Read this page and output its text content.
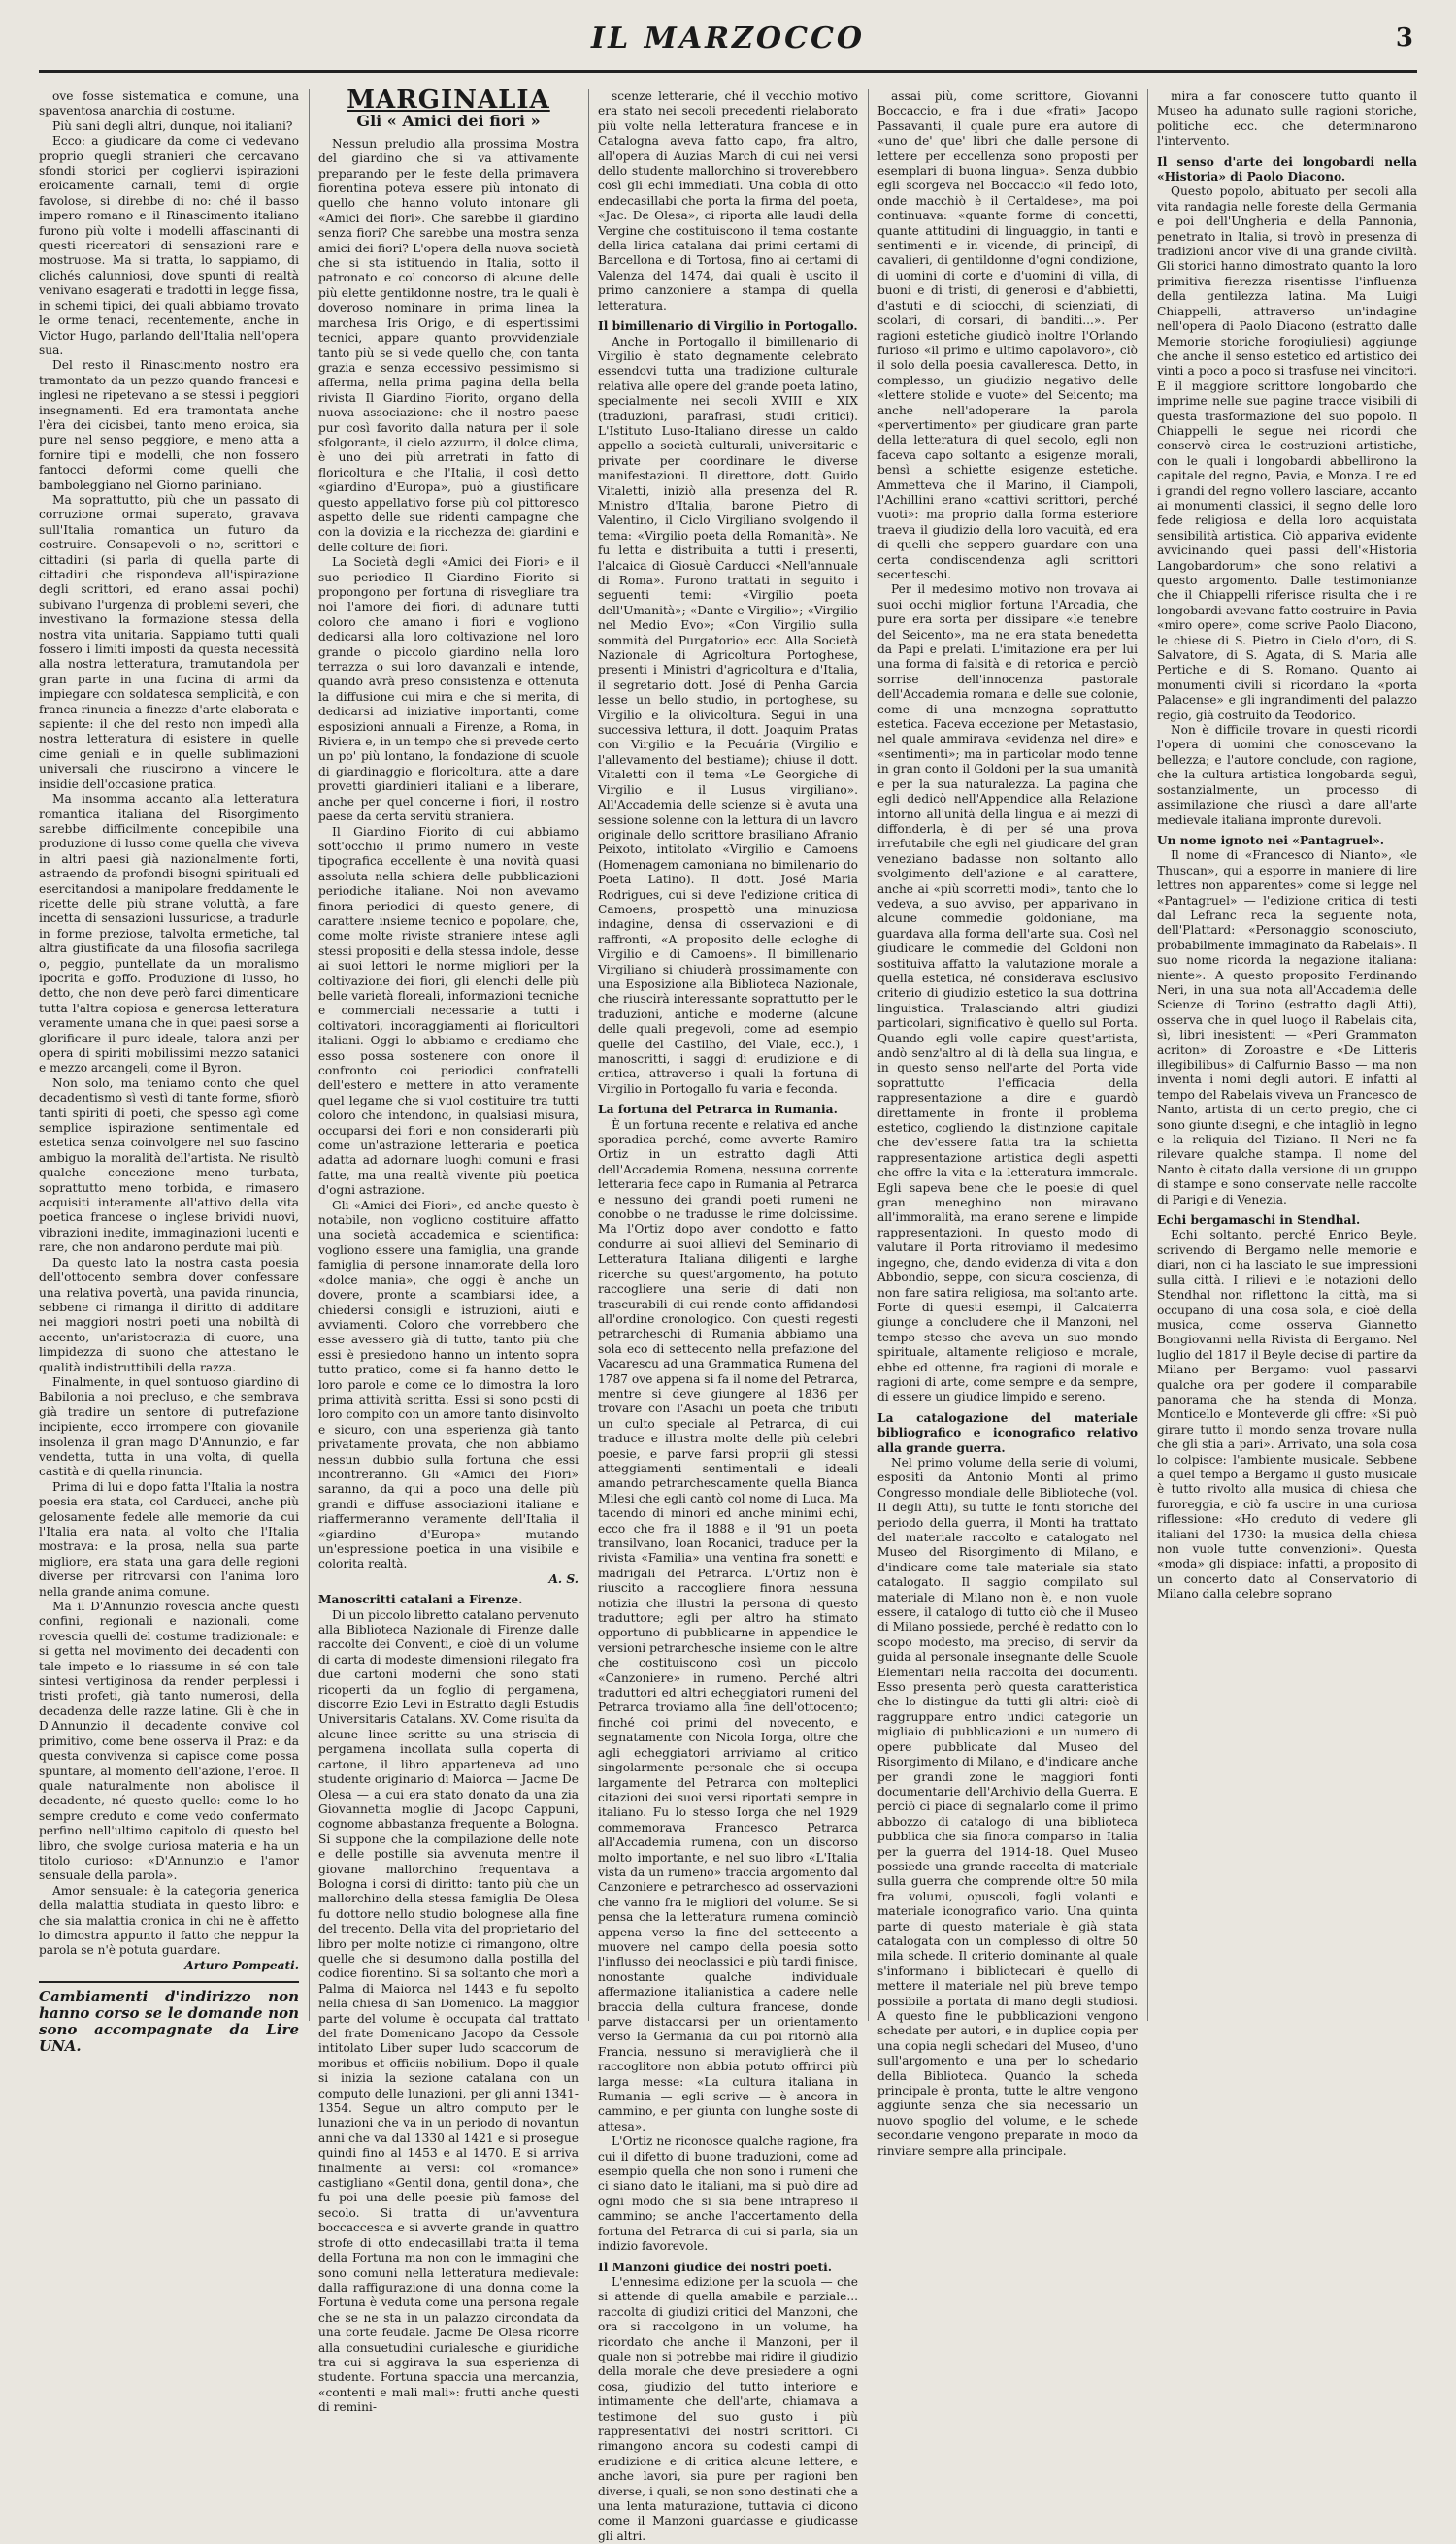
IL MARZOCCO	3

ove fosse sistematica e comune, una spaventosa anarchia di costume.

Più sani degli altri, dunque, noi italiani?

Ecco: a giudicare da come ci vedevano proprio quegli stranieri che cercavano sfondi storici per cogliervi ispirazioni eroicamente carnali, temi di orgie favolose, si direbbe di no: ché il basso impero romano e il Rinascimento italiano furono più volte i modelli affascinanti di questi ricercatori di sensazioni rare e mostruose. Ma si tratta, lo sappiamo, di clichés calunniosi, dove spunti di realtà venivano esagerati e tradotti in legge fissa, in schemi tipici, dei quali abbiamo trovato le orme tenaci, recentemente, anche in Victor Hugo, parlando dell'Italia nell'opera sua.

Del resto il Rinascimento nostro era tramontato da un pezzo quando francesi e inglesi ne ripetevano a se stessi i peggiori insegnamenti. Ed era tramontata anche l'èra dei cicisbei, tanto meno eroica, sia pure nel senso peggiore, e meno atta a fornire tipi e modelli, che non fossero fantocci deformi come quelli che bamboleggiano nel Giorno pariniano.

Ma soprattutto, più che un passato di corruzione ormai superato, gravava sull'Italia romantica un futuro da costruire. Consapevoli o no, scrittori e cittadini (si parla di quella parte di cittadini che rispondeva all'ispirazione degli scrittori, ed erano assai pochi) subivano l'urgenza di problemi severi, che investivano la formazione stessa della nostra vita unitaria. Sappiamo tutti quali fossero i limiti imposti da questa necessità alla nostra letteratura, tramutandola per gran parte in una fucina di armi da impiegare con soldatesca semplicità, e con franca rinuncia a finezze d'arte elaborata e sapiente: il che del resto non impedì alla nostra letteratura di esistere in quelle cime geniali e in quelle sublimazioni universali che riuscirono a vincere le insidie dell'occasione pratica.

Ma insomma accanto alla letteratura romantica italiana del Risorgimento sarebbe difficilmente concepibile una produzione di lusso come quella che viveva in altri paesi già nazionalmente forti, astraendo da profondi bisogni spirituali ed esercitandosi a manipolare freddamente le ricette delle più strane voluttà, a fare incetta di sensazioni lussuriose, a tradurle in forme preziose, talvolta ermetiche, tal altra giustificate da una filosofia sacrilega o, peggio, puntellate da un moralismo ipocrita e goffo. Produzione di lusso, ho detto, che non deve però farci dimenticare tutta l'altra copiosa e generosa letteratura veramente umana che in quei paesi sorse a glorificare il puro ideale, talora anzi per opera di spiriti mobilissimi mezzo satanici e mezzo arcangeli, come il Byron.

Non solo, ma teniamo conto che quel decadentismo sì vestì di tante forme, sfiorò tanti spiriti di poeti, che spesso agì come semplice ispirazione sentimentale ed estetica senza coinvolgere nel suo fascino ambiguo la moralità dell'artista. Ne risultò qualche concezione meno turbata, soprattutto meno torbida, e rimasero acquisiti interamente all'attivo della vita poetica francese o inglese brividi nuovi, vibrazioni inedite, immaginazioni lucenti e rare, che non andarono perdute mai più.

Da questo lato la nostra casta poesia dell'ottocento sembra dover confessare una relativa povertà, una pavida rinuncia, sebbene ci rimanga il diritto di additare nei maggiori nostri poeti una nobiltà di accento, un'aristocrazia di cuore, una limpidezza di suono che attestano le qualità indistruttibili della razza.

Finalmente, in quel sontuoso giardino di Babilonia a noi precluso, e che sembrava già tradire un sentore di putrefazione incipiente, ecco irrompere con giovanile insolenza il gran mago D'Annunzio, e far vendetta, tutta in una volta, di quella castità e di quella rinuncia.

Prima di lui e dopo fatta l'Italia la nostra poesia era stata, col Carducci, anche più gelosamente fedele alle memorie da cui l'Italia era nata, al volto che l'Italia mostrava: e la prosa, nella sua parte migliore, era stata una gara delle regioni diverse per ritrovarsi con l'anima loro nella grande anima comune.

Ma il D'Annunzio rovescia anche questi confini, regionali e nazionali, come rovescia quelli del costume tradizionale: e si getta nel movimento dei decadenti con tale impeto e lo riassume in sé con tale sintesi vertiginosa da render perplessi i tristi profeti, già tanto numerosi, della decadenza delle razze latine. Gli è che in D'Annunzio il decadente convive col primitivo, come bene osserva il Praz: e da questa convivenza si capisce come possa spuntare, al momento dell'azione, l'eroe. Il quale naturalmente non abolisce il decadente, né questo quello: come lo ho sempre creduto e come vedo confermato perfino nell'ultimo capitolo di questo bel libro, che svolge curiosa materia e ha un titolo curioso: «D'Annunzio e l'amor sensuale della parola».

Amor sensuale: è la categoria generica della malattia studiata in questo libro: e che sia malattia cronica in chi ne è affetto lo dimostra appunto il fatto che neppur la parola se n'è potuta guardare.

Arturo Pompeati.

Cambiamenti d'indirizzo non hanno corso se le domande non sono accompagnate da Lire UNA.
MARGINALIA
Gli « Amici dei fiori »

Nessun preludio alla prossima Mostra del giardino che si va attivamente preparando per le feste della primavera fiorentina poteva essere più intonato di quello che hanno voluto intonare gli «Amici dei fiori». Che sarebbe il giardino senza fiori? Che sarebbe una mostra senza amici dei fiori? L'opera della nuova società che si sta istituendo in Italia, sotto il patronato e col concorso di alcune delle più elette gentildonne nostre, tra le quali è doveroso nominare in prima linea la marchesa Iris Origo, e di espertissimi tecnici, appare quanto provvidenziale tanto più se si vede quello che, con tanta grazia e senza eccessivo pessimismo si afferma, nella prima pagina della bella rivista Il Giardino Fiorito, organo della nuova associazione: che il nostro paese pur così favorito dalla natura per il sole sfolgorante, il cielo azzurro, il dolce clima, è uno dei più arretrati in fatto di floricoltura e che l'Italia, il così detto «giardino d'Europa», può a giustificare questo appellativo forse più col pittoresco aspetto delle sue ridenti campagne che con la dovizia e la ricchezza dei giardini e delle colture dei fiori.

La Società degli «Amici dei Fiori» e il suo periodico Il Giardino Fiorito si propongono per fortuna di risvegliare tra noi l'amore dei fiori, di adunare tutti coloro che amano i fiori e vogliono dedicarsi alla loro coltivazione nel loro grande o piccolo giardino nella loro terrazza o sui loro davanzali e intende, quando avrà preso consistenza e ottenuta la diffusione cui mira e che si merita, di dedicarsi ad iniziative importanti, come esposizioni annuali a Firenze, a Roma, in Riviera e, in un tempo che si prevede certo un po' più lontano, la fondazione di scuole di giardinaggio e floricoltura, atte a dare provetti giardinieri italiani e a liberare, anche per quel concerne i fiori, il nostro paese da certa servitù straniera.

Il Giardino Fiorito di cui abbiamo sott'occhio il primo numero in veste tipografica eccellente è una novità quasi assoluta nella schiera delle pubblicazioni periodiche italiane. Noi non avevamo finora periodici di questo genere, di carattere insieme tecnico e popolare, che, come molte riviste straniere intese agli stessi propositi e della stessa indole, desse ai suoi lettori le norme migliori per la coltivazione dei fiori, gli elenchi delle più belle varietà floreali, informazioni tecniche e commerciali necessarie a tutti i coltivatori, incoraggiamenti ai floricultori italiani. Oggi lo abbiamo e crediamo che esso possa sostenere con onore il confronto coi periodici confratelli dell'estero e mettere in atto veramente quel legame che si vuol costituire tra tutti coloro che intendono, in qualsiasi misura, occuparsi dei fiori e non considerarli più come un'astrazione letteraria e poetica adatta ad adornare luoghi comuni e frasi fatte, ma una realtà vivente più poetica d'ogni astrazione.

Gli «Amici dei Fiori», ed anche questo è notabile, non vogliono costituire affatto una società accademica e scientifica: vogliono essere una famiglia, una grande famiglia di persone innamorate della loro «dolce mania», che oggi è anche un dovere, pronte a scambiarsi idee, a chiedersi consigli e istruzioni, aiuti e avviamenti. Coloro che vorrebbero che esse avessero già di tutto, tanto più che essi è presiedono hanno un intento sopra tutto pratico, come si fa hanno detto le loro parole e come ce lo dimostra la loro prima attività scritta. Essi si sono posti di loro compito con un amore tanto disinvolto e sicuro, con una esperienza già tanto privatamente provata, che non abbiamo nessun dubbio sulla fortuna che essi incontreranno. Gli «Amici dei Fiori» saranno, da qui a poco una delle più grandi e diffuse associazioni italiane e riaffermeranno veramente dell'Italia il «giardino d'Europa» mutando un'espressione poetica in una visibile e colorita realtà.

A. S.

Manoscritti catalani a Firenze.

Di un piccolo libretto catalano pervenuto alla Biblioteca Nazionale di Firenze dalle raccolte dei Conventi, e cioè di un volume di carta di modeste dimensioni rilegato fra due cartoni moderni che sono stati ricoperti da un foglio di pergamena, discorre Ezio Levi in Estratto dagli Estudis Universitaris Catalans. XV. Come risulta da alcune linee scritte su una striscia di pergamena incollata sulla coperta di cartone, il libro apparteneva ad uno studente originario di Maiorca — Jacme De Olesa — a cui era stato donato da una zia Giovannetta moglie di Jacopo Cappuni, cognome abbastanza frequente a Bologna. Si suppone che la compilazione delle note e delle postille sia avvenuta mentre il giovane mallorchino frequentava a Bologna i corsi di diritto: tanto più che un mallorchino della stessa famiglia De Olesa fu dottore nello studio bolognese alla fine del trecento. Della vita del proprietario del libro per molte notizie ci rimangono, oltre quelle che si desumono dalla postilla del codice fiorentino. Si sa soltanto che morì a Palma di Maiorca nel 1443 e fu sepolto nella chiesa di San Domenico. La maggior parte del volume è occupata dal trattato del frate Domenicano Jacopo da Cessole intitolato Liber super ludo scaccorum de moribus et officiis nobilium. Dopo il quale si inizia la sezione catalana con un computo delle lunazioni, per gli anni 1341-1354. Segue un altro computo per le lunazioni che va in un periodo di novantun anni che va dal 1330 al 1421 e si prosegue quindi fino al 1453 e al 1470. E si arriva finalmente ai versi: col «romance» castigliano «Gentil dona, gentil dona», che fu poi una delle poesie più famose del secolo. Si tratta di un'avventura boccaccesca e si avverte grande in quattro strofe di otto endecasillabi tratta il tema della Fortuna ma non con le immagini che sono comuni nella letteratura medievale: dalla raffigurazione di una donna come la Fortuna è veduta come una persona regale che se ne sta in un palazzo circondata da una corte feudale. Jacme De Olesa ricorre alla consuetudini curialesche e giuridiche tra cui si aggirava la sua esperienza di studente. Fortuna spaccia una mercanzia, «contenti e mali mali»: frutti anche questi di remini-

scenze letterarie, ché il vecchio motivo era stato nei secoli precedenti rielaborato più volte nella letteratura francese e in Catalogna aveva fatto capo, fra altro, all'opera di Auzias March di cui nei versi dello studente mallorchino si troverebbero così gli echi immediati. Una coblа di otto endecasillabi che porta la firma del poeta, «Jac. De Olesa», ci riporta alle laudi della Vergine che costituiscono il tema costante della lirica catalana dai primi certami di Barcellona e di Tortosa, fino ai certami di Valenza del 1474, dai quali è uscito il primo canzoniere a stampa di quella letteratura.

Il bimillenario di Virgilio in Portogallo.

Anche in Portogallo il bimillenario di Virgilio è stato degnamente celebrato essendovi tutta una tradizione culturale relativa alle opere del grande poeta latino, specialmente nei secoli XVIII e XIX (traduzioni, parafrasi, studi critici). L'Istituto Luso-Italiano diresse un caldo appello a società culturali, universitarie e private per coordinare le diverse manifestazioni. Il direttore, dott. Guido Vitaletti, iniziò alla presenza del R. Ministro d'Italia, barone Pietro di Valentino, il Ciclo Virgiliano svolgendo il tema: «Virgilio poeta della Romanità». Ne fu letta e distribuita a tutti i presenti, l'alcaica di Giosuè Carducci «Nell'annuale di Roma». Furono trattati in seguito i seguenti temi: «Virgilio poeta dell'Umanità»; «Dante e Virgilio»; «Virgilio nel Medio Evo»; «Con Virgilio sulla sommità del Purgatorio» ecc. Alla Società Nazionale di Agricoltura Portoghese, presenti i Ministri d'agricoltura e d'Italia, il segretario dott. José di Penha Garcia lesse un bello studio, in portoghese, su Virgilio e la olivicoltura. Segui in una successiva lettura, il dott. Joaquim Pratas con Virgilio e la Pecuária (Virgilio e l'allevamento del bestiame); chiuse il dott. Vitaletti con il tema «Le Georgiche di Virgilio e il Lusus virgiliano». All'Accademia delle scienze si è avuta una sessione solenne con la lettura di un lavoro originale dello scrittore brasiliano Afranio Peixoto, intitolato «Virgilio e Camoens (Homenagem camoniana no bimilenario do Poeta Latino). Il dott. José Maria Rodrigues, cui si deve l'edizione critica di Camoens, prospettò una minuziosa indagine, densa di osservazioni e di raffronti, «A proposito delle ecloghe di Virgilio e di Camoens». Il bimillenario Virgiliano si chiuderà prossimamente con una Esposizione alla Biblioteca Nazionale, che riuscirà interessante soprattutto per le traduzioni, antiche e moderne (alcune delle quali pregevoli, come ad esempio quelle del Castilho, del Viale, ecc.), i manoscritti, i saggi di erudizione e di critica, attraverso i quali la fortuna di Virgilio in Portogallo fu varia e feconda.

La fortuna del Petrarca in Rumania.

È un fortuna recente e relativa ed anche sporadica perché, come avverte Ramiro Ortiz in un estratto dagli Atti dell'Accademia Romena, nessuna corrente letteraria fece capo in Rumania al Petrarca e nessuno dei grandi poeti rumeni ne conobbe o ne tradusse le rime dolcissime. Ma l'Ortiz dopo aver condotto e fatto condurre ai suoi allievi del Seminario di Letteratura Italiana diligenti e larghe ricerche su quest'argomento, ha potuto raccogliere una serie di dati non trascurabili di cui rende conto affidandosi all'ordine cronologico. Con questi regesti petrarcheschi di Rumania abbiamo una sola eco di settecento nella prefazione del Vacarescu ad una Grammatica Rumena del 1787 ove appena si fa il nome del Petrarca, mentre si deve giungere al 1836 per trovare con l'Asachi un poeta che tributi un culto speciale al Petrarca, di cui traduce e illustra molte delle più celebri poesie, e parve farsi proprii gli stessi atteggiamenti sentimentali e ideali amando petrarchescamente quella Bianca Milesi che egli cantò col nome di Luca. Ma tacendo di minori ed anche minimi echi, ecco che fra il 1888 e il '91 un poeta transilvano, Ioan Rocanici, traduce per la rivista «Familia» una ventina fra sonetti e madrigali del Petrarca. L'Ortiz non è riuscito a raccogliere finora nessuna notizia che illustri la persona di questo traduttore; egli per altro ha stimato opportuno di pubblicarne in appendice le versioni petrarchesche insieme con le altre che costituiscono così un piccolo «Canzoniere» in rumeno. Perché altri traduttori ed altri echeggiatori rumeni del Petrarca troviamo alla fine dell'ottocento; finché coi primi del novecento, e segnatamente con Nicola Iorga, oltre che agli echeggiatori arriviamo al critico singolarmente personale che si occupa largamente del Petrarca con molteplici citazioni dei suoi versi riportati sempre in italiano. Fu lo stesso Iorga che nel 1929 commemorava Francesco Petrarca all'Accademia rumena, con un discorso molto importante, e nel suo libro «L'Italia vista da un rumeno» traccia argomento dal Canzoniere e petrarchesco ad osservazioni che vanno fra le migliori del volume. Se si pensa che la letteratura rumena cominciò appena verso la fine del settecento a muovere nel campo della poesia sotto l'influsso dei neoclassici e più tardi finisce, nonostante qualche individuale affermazione italianistica a cadere nelle braccia della cultura francese, donde parve distaccarsi per un orientamento verso la Germania da cui poi ritornò alla Francia, nessuno si meraviglierà che il raccoglitore non abbia potuto offrirci più larga messe: «La cultura italiana in Rumania — egli scrive — è ancora in cammino, e per giunta con lunghe soste di attesa».

L'Ortiz ne riconosce qualche ragione, fra cui il difetto di buone traduzioni, come ad esempio quella che non sono i rumeni che ci siano dato le italiani, ma si può dire ad ogni modo che si sia bene intrapreso il cammino; se anche l'accertamento della fortuna del Petrarca di cui si parla, sia un indizio favorevole.

Il Manzoni giudice dei nostri poeti.

L'ennesima edizione per la scuola — che si attende di quella amabile e parziale... raccolta di giudizi critici del Manzoni, che ora si raccolgono in un volume, ha ricordato che anche il Manzoni, per il quale non si potrebbe mai ridire il giudizio della morale che deve presiedere a ogni cosa, giudizio del tutto interiore e intimamente che dell'arte, chiamava a testimone del suo gusto i più rappresentativi dei nostri scrittori. Ci rimangono ancora su codesti campi di erudizione e di critica alcune lettere, e anche lavori, sia pure per ragioni ben diverse, i quali, se non sono destinati che a una lenta maturazione, tuttavia ci dicono come il Manzoni guardasse e giudicasse gli altri.

assai più, come scrittore, Giovanni Boccaccio, e fra i due «frati» Jacopo Passavanti, il quale pure era autore di «uno de' que' libri che dalle persone di lettere per eccellenza sono proposti per esemplari di buona lingua». Senza dubbio egli scorgeva nel Boccaccio «il fedo loto, onde macchiò è il Certaldese», ma poi continuava: «quante forme di concetti, quante attitudini di linguaggio, in tanti e sentimenti e in vicende, di principî, di cavalieri, di gentildonne d'ogni condizione, di uomini di corte e d'uomini di villa, di buoni e di tristi, di generosi e d'abbietti, d'astuti e di sciocchi, di scienziati, di scolari, di corsari, di banditi...». Per ragioni estetiche giudicò inoltre l'Orlando furioso «il primo e ultimo capolavoro», ciò il solo della poesia cavalleresca. Detto, in complesso, un giudizio negativo delle «lettere stolide e vuote» del Seicento; ma anche nell'adoperare la parola «pervertimento» per giudicare gran parte della letteratura di quel secolo, egli non faceva capo soltanto a esigenze morali, bensì a schiette esigenze estetiche. Ammetteva che il Marino, il Ciampoli, l'Achillini erano «cattivi scrittori, perché vuoti»: ma proprio dalla forma esteriore traeva il giudizio della loro vacuità, ed era di quelli che seppero guardare con una certa condiscendenza agli scrittori secenteschi.

Per il medesimo motivo non trovava ai suoi occhi miglior fortuna l'Arcadia, che pure era sorta per dissipare «le tenebre del Seicento», ma ne era stata benedetta da Papi e prelati. L'imitazione era per lui una forma di falsità e di retorica e perciò sorrise dell'innocenza pastorale dell'Accademia romana e delle sue colonie, come di una menzogna soprattutto estetica. Faceva eccezione per Metastasio, nel quale ammirava «evidenza nel dire» e «sentimenti»; ma in particolar modo tenne in gran conto il Goldoni per la sua umanità e per la sua naturalezza. La pagina che egli dedicò nell'Appendice alla Relazione intorno all'unità della lingua e ai mezzi di diffonderla, è di per sé una prova irrefutabile che egli nel giudicare del gran veneziano badasse non soltanto allo svolgimento dell'azione e al carattere, anche ai «più scorretti modi», tanto che lo vedeva, a suo avviso, per apparivano in alcune commedie goldoniane, ma guardava alla forma dell'arte sua. Così nel giudicare le commedie del Goldoni non sostituiva affatto la valutazione morale a quella estetica, né considerava esclusivo criterio di giudizio estetico la sua dottrina linguistica. Tralasciando altri giudizi particolari, significativo è quello sul Porta. Quando egli volle capire quest'artista, andò senz'altro al di là della sua lingua, e in questo senso nell'arte del Porta vide soprattutto l'efficacia della rappresentazione a dire e guardò direttamente in fronte il problema estetico, cogliendo la distinzione capitale che dev'essere fatta tra la schietta rappresentazione artistica degli aspetti che offre la vita e la letteratura immorale. Egli sapeva bene che le poesie di quel gran meneghino non miravano all'immoralità, ma erano serene e limpide rappresentazioni. In questo modo di valutare il Porta ritroviamo il medesimo ingegno, che, dando evidenza di vita a don Abbondio, seppe, con sicura coscienza, di non fare satira religiosa, ma soltanto arte. Forte di questi esempi, il Calcaterra giunge a concludere che il Manzoni, nel tempo stesso che aveva un suo mondo spirituale, altamente religioso e morale, ebbe ed ottenne, fra ragioni di morale e ragioni di arte, come sempre e da sempre, di essere un giudice limpido e sereno.

La catalogazione del materiale bibliografico e iconografico relativo alla grande guerra.

Nel primo volume della serie di volumi, espositi da Antonio Monti al primo Congresso mondiale delle Biblioteche (vol. II degli Atti), su tutte le fonti storiche del periodo della guerra, il Monti ha trattato del materiale raccolto e catalogato nel Museo del Risorgimento di Milano, e d'indicare come tale materiale sia stato catalogato. Il saggio compilato sul materiale di Milano non è, e non vuole essere, il catalogo di tutto ciò che il Museo di Milano possiede, perché è redatto con lo scopo modesto, ma preciso, di servir da guida al personale insegnante delle Scuole Elementari nella raccolta dei documenti. Esso presenta però questa caratteristica che lo distingue da tutti gli altri: cioè di raggruppare entro undici categorie un migliaio di pubblicazioni e un numero di opere pubblicate dal Museo del Risorgimento di Milano, e d'indicare anche per grandi zone le maggiori fonti documentarie dell'Archivio della Guerra. E perciò ci piace di segnalarlo come il primo abbozzo di catalogo di una biblioteca pubblica che sia finora comparso in Italia per la guerra del 1914-18. Quel Museo possiede una grande raccolta di materiale sulla guerra che comprende oltre 50 mila fra volumi, opuscoli, fogli volanti e materiale iconografico vario. Una quinta parte di questo materiale è già stata catalogata con un complesso di oltre 50 mila schede. Il criterio dominante al quale s'informano i bibliotecari è quello di mettere il materiale nel più breve tempo possibile a portata di mano degli studiosi. A questo fine le pubblicazioni vengono schedate per autori, e in duplice copia per una copia negli schedari del Museo, d'uno sull'argomento e una per lo schedario della Biblioteca. Quando la scheda principale è pronta, tutte le altre vengono aggiunte senza che sia necessario un nuovo spoglio del volume, e le schede secondarie vengono preparate in modo da rinviare sempre alla principale.

mira a far conoscere tutto quanto il Museo ha adunato sulle ragioni storiche, politiche ecc. che determinarono l'intervento.

Il senso d'arte dei longobardi nella «Historia» di Paolo Diacono.

Questo popolo, abituato per secoli alla vita randagia nelle foreste della Germania e poi dell'Ungheria e della Pannonia, penetrato in Italia, si trovò in presenza di tradizioni ancor vive di una grande civiltà. Gli storici hanno dimostrato quanto la loro primitiva fierezza risentisse l'influenza della gentilezza latina. Ma Luigi Chiappelli, attraverso un'indagine nell'opera di Paolo Diacono (estratto dalle Memorie storiche forogiuliesi) aggiunge che anche il senso estetico ed artistico dei vinti a poco a poco si trasfuse nei vincitori. È il maggiore scrittore longobardo che imprime nelle sue pagine tracce visibili di questa trasformazione del suo popolo. Il Chiappelli le segue nei ricordi che conservò circa le costruzioni artistiche, con le quali i longobardi abbellirono la capitale del regno, Pavia, e Monza. I re ed i grandi del regno vollero lasciare, accanto ai monumenti classici, il segno delle loro fede religiosa e della loro acquistata sensibilità artistica. Ciò appariva evidente avvicinando quei passi dell'«Historia Langobardorum» che sono relativi a questo argomento. Dalle testimonianze che il Chiappelli riferisce risulta che i re longobardi avevano fatto costruire in Pavia «miro opere», come scrive Paolo Diacono, le chiese di S. Pietro in Cielo d'oro, di S. Salvatore, di S. Agata, di S. Maria alle Pertiche e di S. Romano. Quanto ai monumenti civili si ricordano la «porta Palacense» e gli ingrandimenti del palazzo regio, già costruito da Teodorico.

Non è difficile trovare in questi ricordi l'opera di uomini che conoscevano la bellezza; e l'autore conclude, con ragione, che la cultura artistica longobarda seguì, sostanzialmente, un processo di assimilazione che riuscì a dare all'arte medievale italiana impronte durevoli.

Un nome ignoto nei «Pantagruel».

Il nome di «Francesco di Nianto», «le Thuscan», qui a esporre in maniere di lire lettres non apparentes» come si legge nel «Pantagruel» — l'edizione critica di testi dal Lefranc reca la seguente nota, dell'Plattard: «Personaggio sconosciuto, probabilmente immaginato da Rabelais». Il suo nome ricorda la negazione italiana: niente». A questo proposito Ferdinando Neri, in una sua nota all'Accademia delle Scienze di Torino (estratto dagli Atti), osserva che in quel luogo il Rabelais cita, sì, libri inesistenti — «Peri Grammaton acriton» di Zoroastre e «De Litteris illegibilibus» di Calfurnio Basso — ma non inventa i nomi degli autori. E infatti al tempo del Rabelais viveva un Francesco de Nanto, artista di un certo pregio, che ci sono giunte disegni, e che intagliò in legno e la reliquia del Tiziano. Il Neri ne fa rilevare qualche stampa. Il nome del Nanto è citato dalla versione di un gruppo di stampe e sono conservate nelle raccolte di Parigi e di Venezia.

Echi bergamaschi in Stendhal.

Echi soltanto, perché Enrico Beyle, scrivendo di Bergamo nelle memorie e diari, non ci ha lasciato le sue impressioni sulla città. I rilievi e le notazioni dello Stendhal non riflettono la città, ma si occupano di una cosa sola, e cioè della musica, come osserva Giannetto Bongiovanni nella Rivista di Bergamo. Nel luglio del 1817 il Beyle decise di partire da Milano per Bergamo: vuol passarvi qualche ora per godere il comparabile panorama che ha stenda di Monza, Monticello e Monteverde gli offre: «Si può girare tutto il mondo senza trovare nulla che gli stia a pari». Arrivato, una sola cosa lo colpisce: l'ambiente musicale. Sebbene a quel tempo a Bergamo il gusto musicale è tutto rivolto alla musica di chiesa che furoreggia, e ciò fa uscire in una curiosa riflessione: «Ho creduto di vedere gli italiani del 1730: la musica della chiesa non vuole tutte convenzioni». Questa «moda» gli dispiace: infatti, a proposito di un concerto dato al Conservatorio di Milano dalla celebre soprano
